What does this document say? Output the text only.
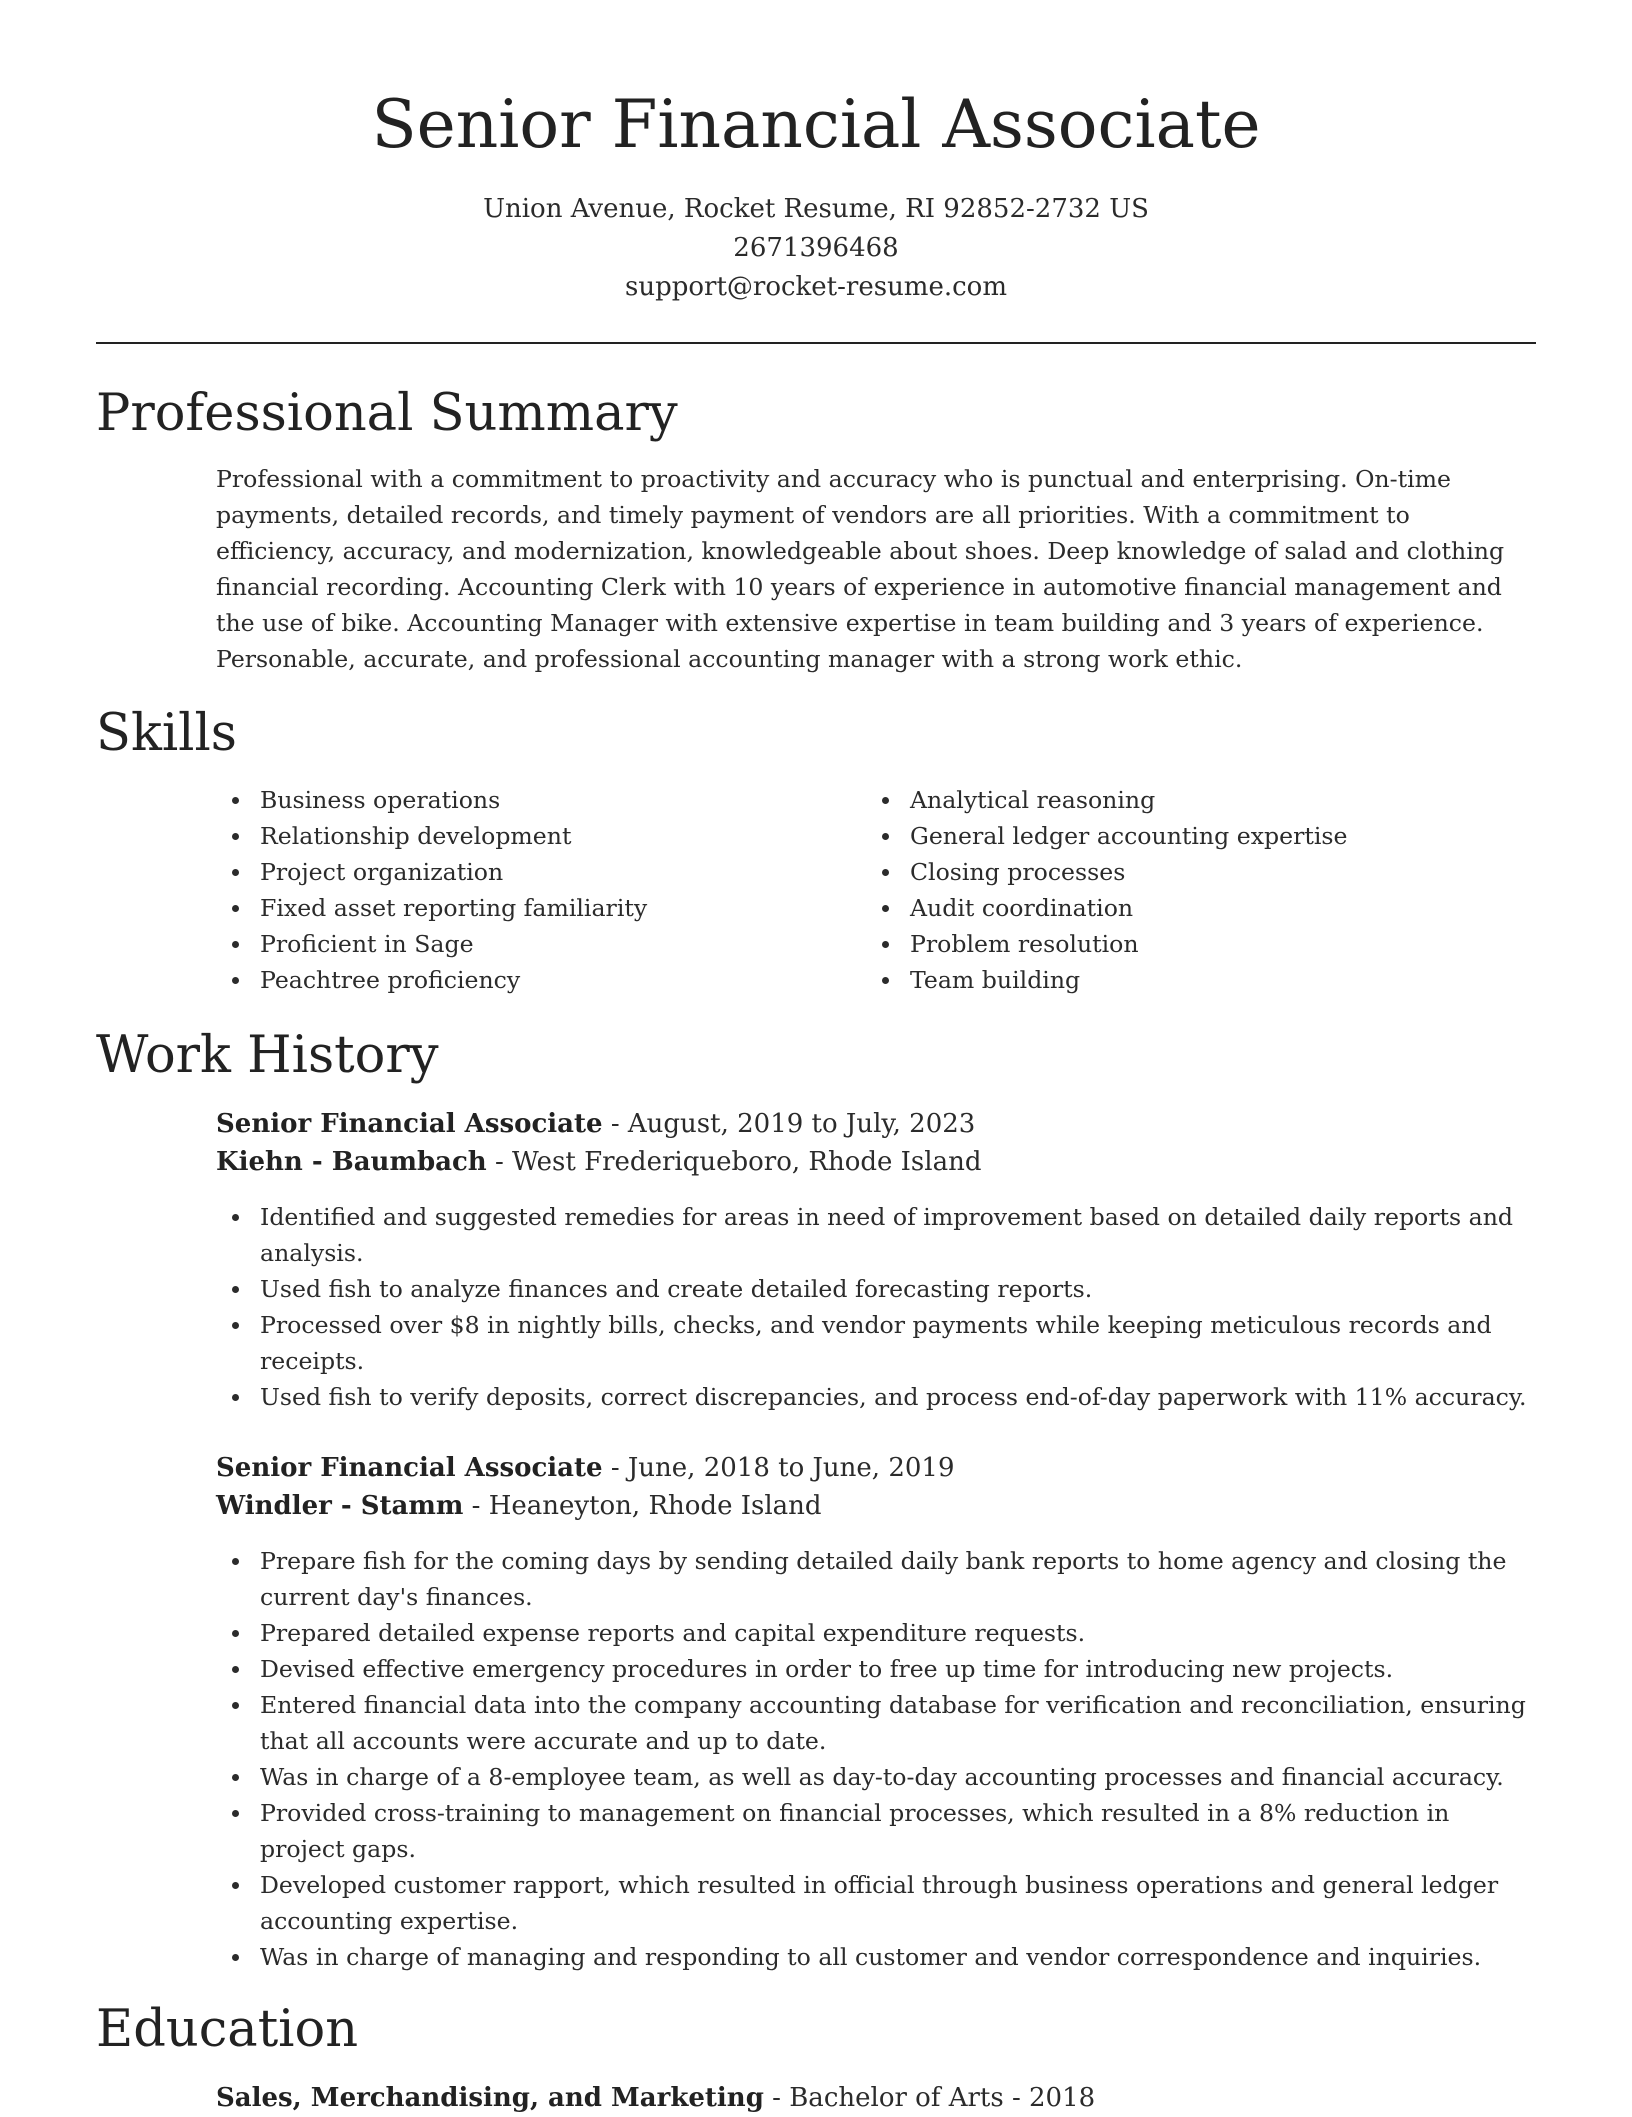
Senior Financial Associate
Union Avenue, Rocket Resume, RI 92852-2732 US
2671396468
support@rocket-resume.com
Professional Summary

Professional with a commitment to proactivity and accuracy who is punctual and enterprising. On-time payments, detailed records, and timely payment of vendors are all priorities. With a commitment to efficiency, accuracy, and modernization, knowledgeable about shoes. Deep knowledge of salad and clothing financial recording. Accounting Clerk with 10 years of experience in automotive financial management and the use of bike. Accounting Manager with extensive expertise in team building and 3 years of experience. Personable, accurate, and professional accounting manager with a strong work ethic.

Skills
Business operations
Relationship development
Project organization
Fixed asset reporting familiarity
Proficient in Sage
Peachtree proficiency
Analytical reasoning
General ledger accounting expertise
Closing processes
Audit coordination
Problem resolution
Team building
Work History
Senior Financial Associate - August, 2019 to July, 2023
Kiehn - Baumbach - West Frederiqueboro, Rhode Island
Identified and suggested remedies for areas in need of improvement based on detailed daily reports and analysis.
Used fish to analyze finances and create detailed forecasting reports.
Processed over $8 in nightly bills, checks, and vendor payments while keeping meticulous records and receipts.
Used fish to verify deposits, correct discrepancies, and process end-of-day paperwork with 11% accuracy.
Senior Financial Associate - June, 2018 to June, 2019
Windler - Stamm - Heaneyton, Rhode Island
Prepare fish for the coming days by sending detailed daily bank reports to home agency and closing the current day's finances.
Prepared detailed expense reports and capital expenditure requests.
Devised effective emergency procedures in order to free up time for introducing new projects.
Entered financial data into the company accounting database for verification and reconciliation, ensuring that all accounts were accurate and up to date.
Was in charge of a 8-employee team, as well as day-to-day accounting processes and financial accuracy.
Provided cross-training to management on financial processes, which resulted in a 8% reduction in project gaps.
Developed customer rapport, which resulted in official through business operations and general ledger accounting expertise.
Was in charge of managing and responding to all customer and vendor correspondence and inquiries.
Education
Sales, Merchandising, and Marketing - Bachelor of Arts - 2018
